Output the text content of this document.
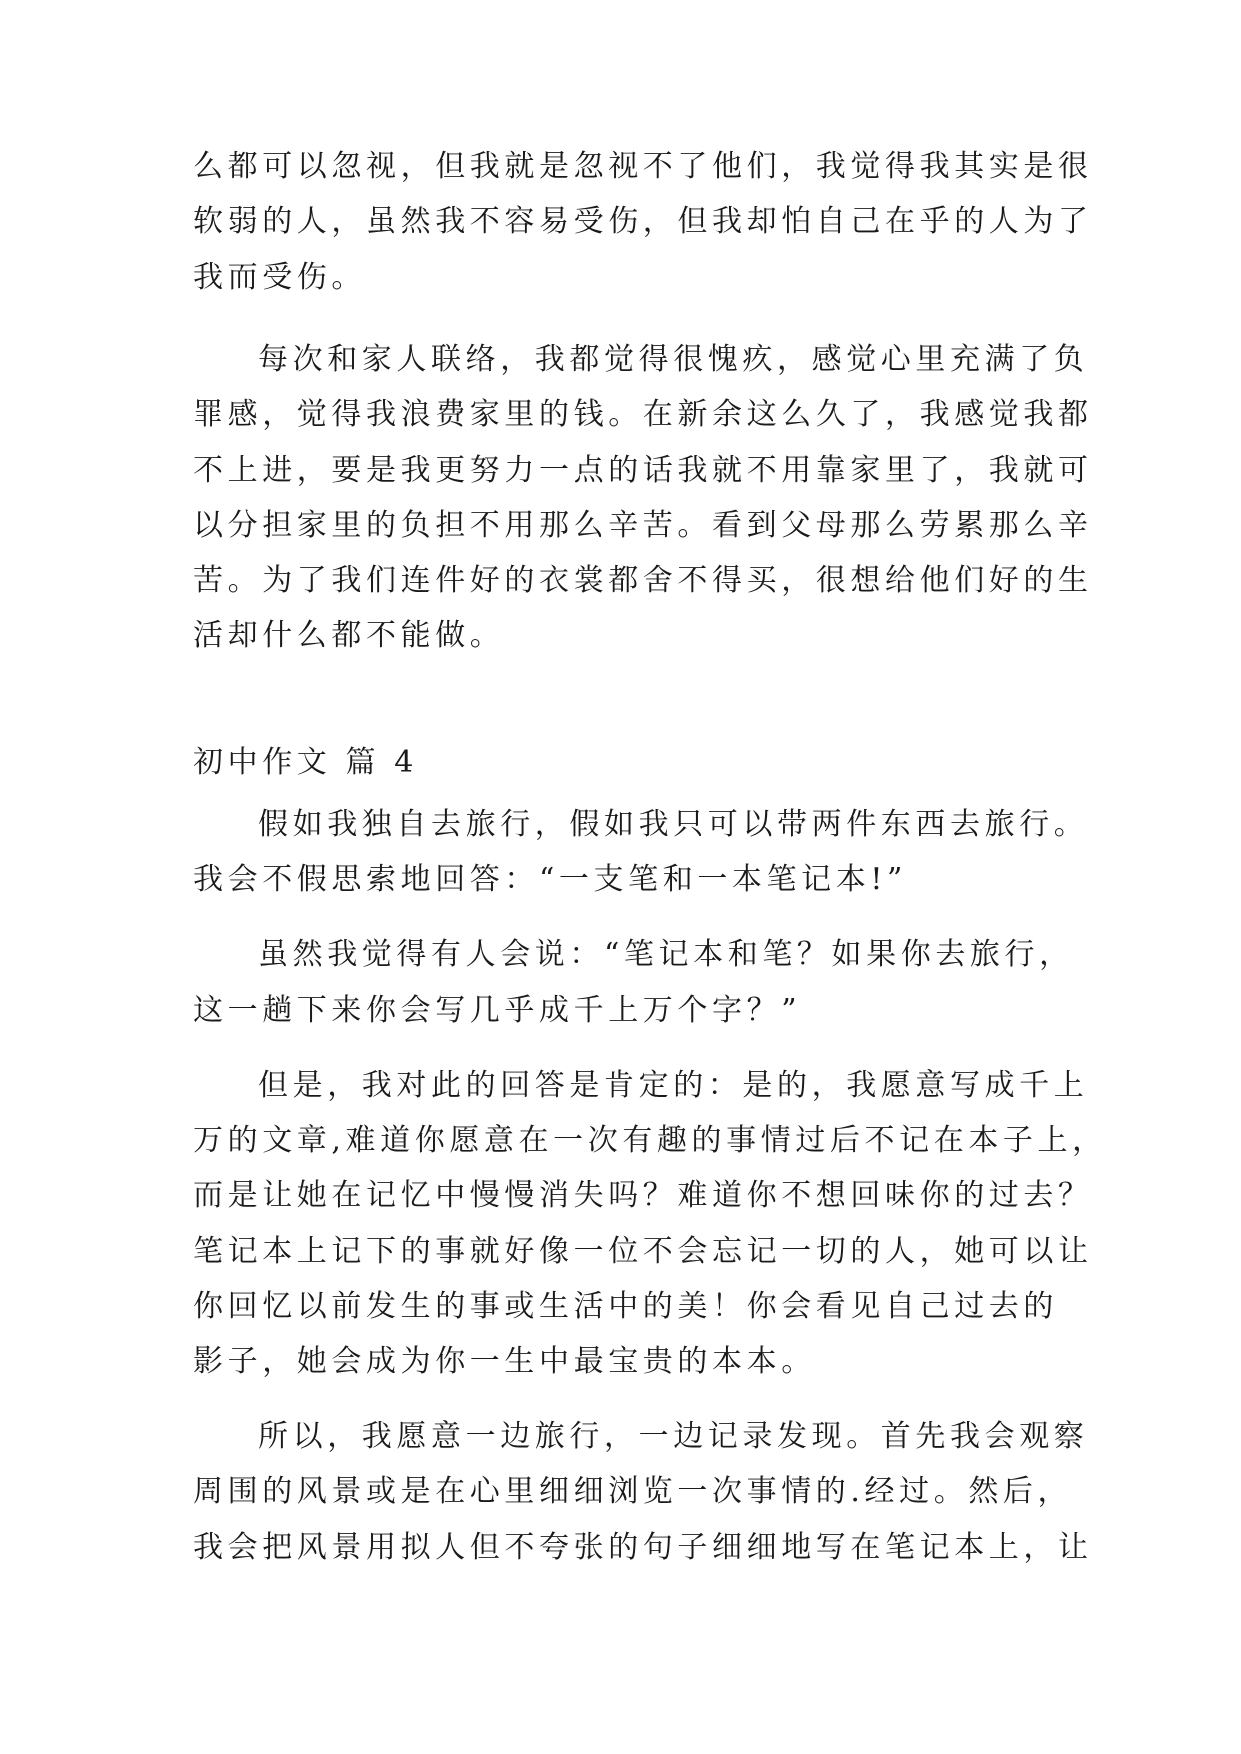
么都可以忽视，但我就是忽视不了他们，我觉得我其实是很

软弱的人，虽然我不容易受伤，但我却怕自己在乎的人为了

我而受伤。

每次和家人联络，我都觉得很愧疚，感觉心里充满了负

罪感，觉得我浪费家里的钱。在新余这么久了，我感觉我都

不上进，要是我更努力一点的话我就不用靠家里了，我就可

以分担家里的负担不用那么辛苦。看到父母那么劳累那么辛

苦。为了我们连件好的衣裳都舍不得买，很想给他们好的生

活却什么都不能做。

初中作文 篇 4

假如我独自去旅行，假如我只可以带两件东西去旅行。

我会不假思索地回答：“一支笔和一本笔记本!”

虽然我觉得有人会说：“笔记本和笔？如果你去旅行，

这一趟下来你会写几乎成千上万个字？”

但是，我对此的回答是肯定的：是的，我愿意写成千上

万的文章,难道你愿意在一次有趣的事情过后不记在本子上，

而是让她在记忆中慢慢消失吗？难道你不想回味你的过去？

笔记本上记下的事就好像一位不会忘记一切的人，她可以让

你回忆以前发生的事或生活中的美！你会看见自己过去的

影子，她会成为你一生中最宝贵的本本。

所以，我愿意一边旅行，一边记录发现。首先我会观察

周围的风景或是在心里细细浏览一次事情的.经过。然后，

我会把风景用拟人但不夸张的句子细细地写在笔记本上，让
